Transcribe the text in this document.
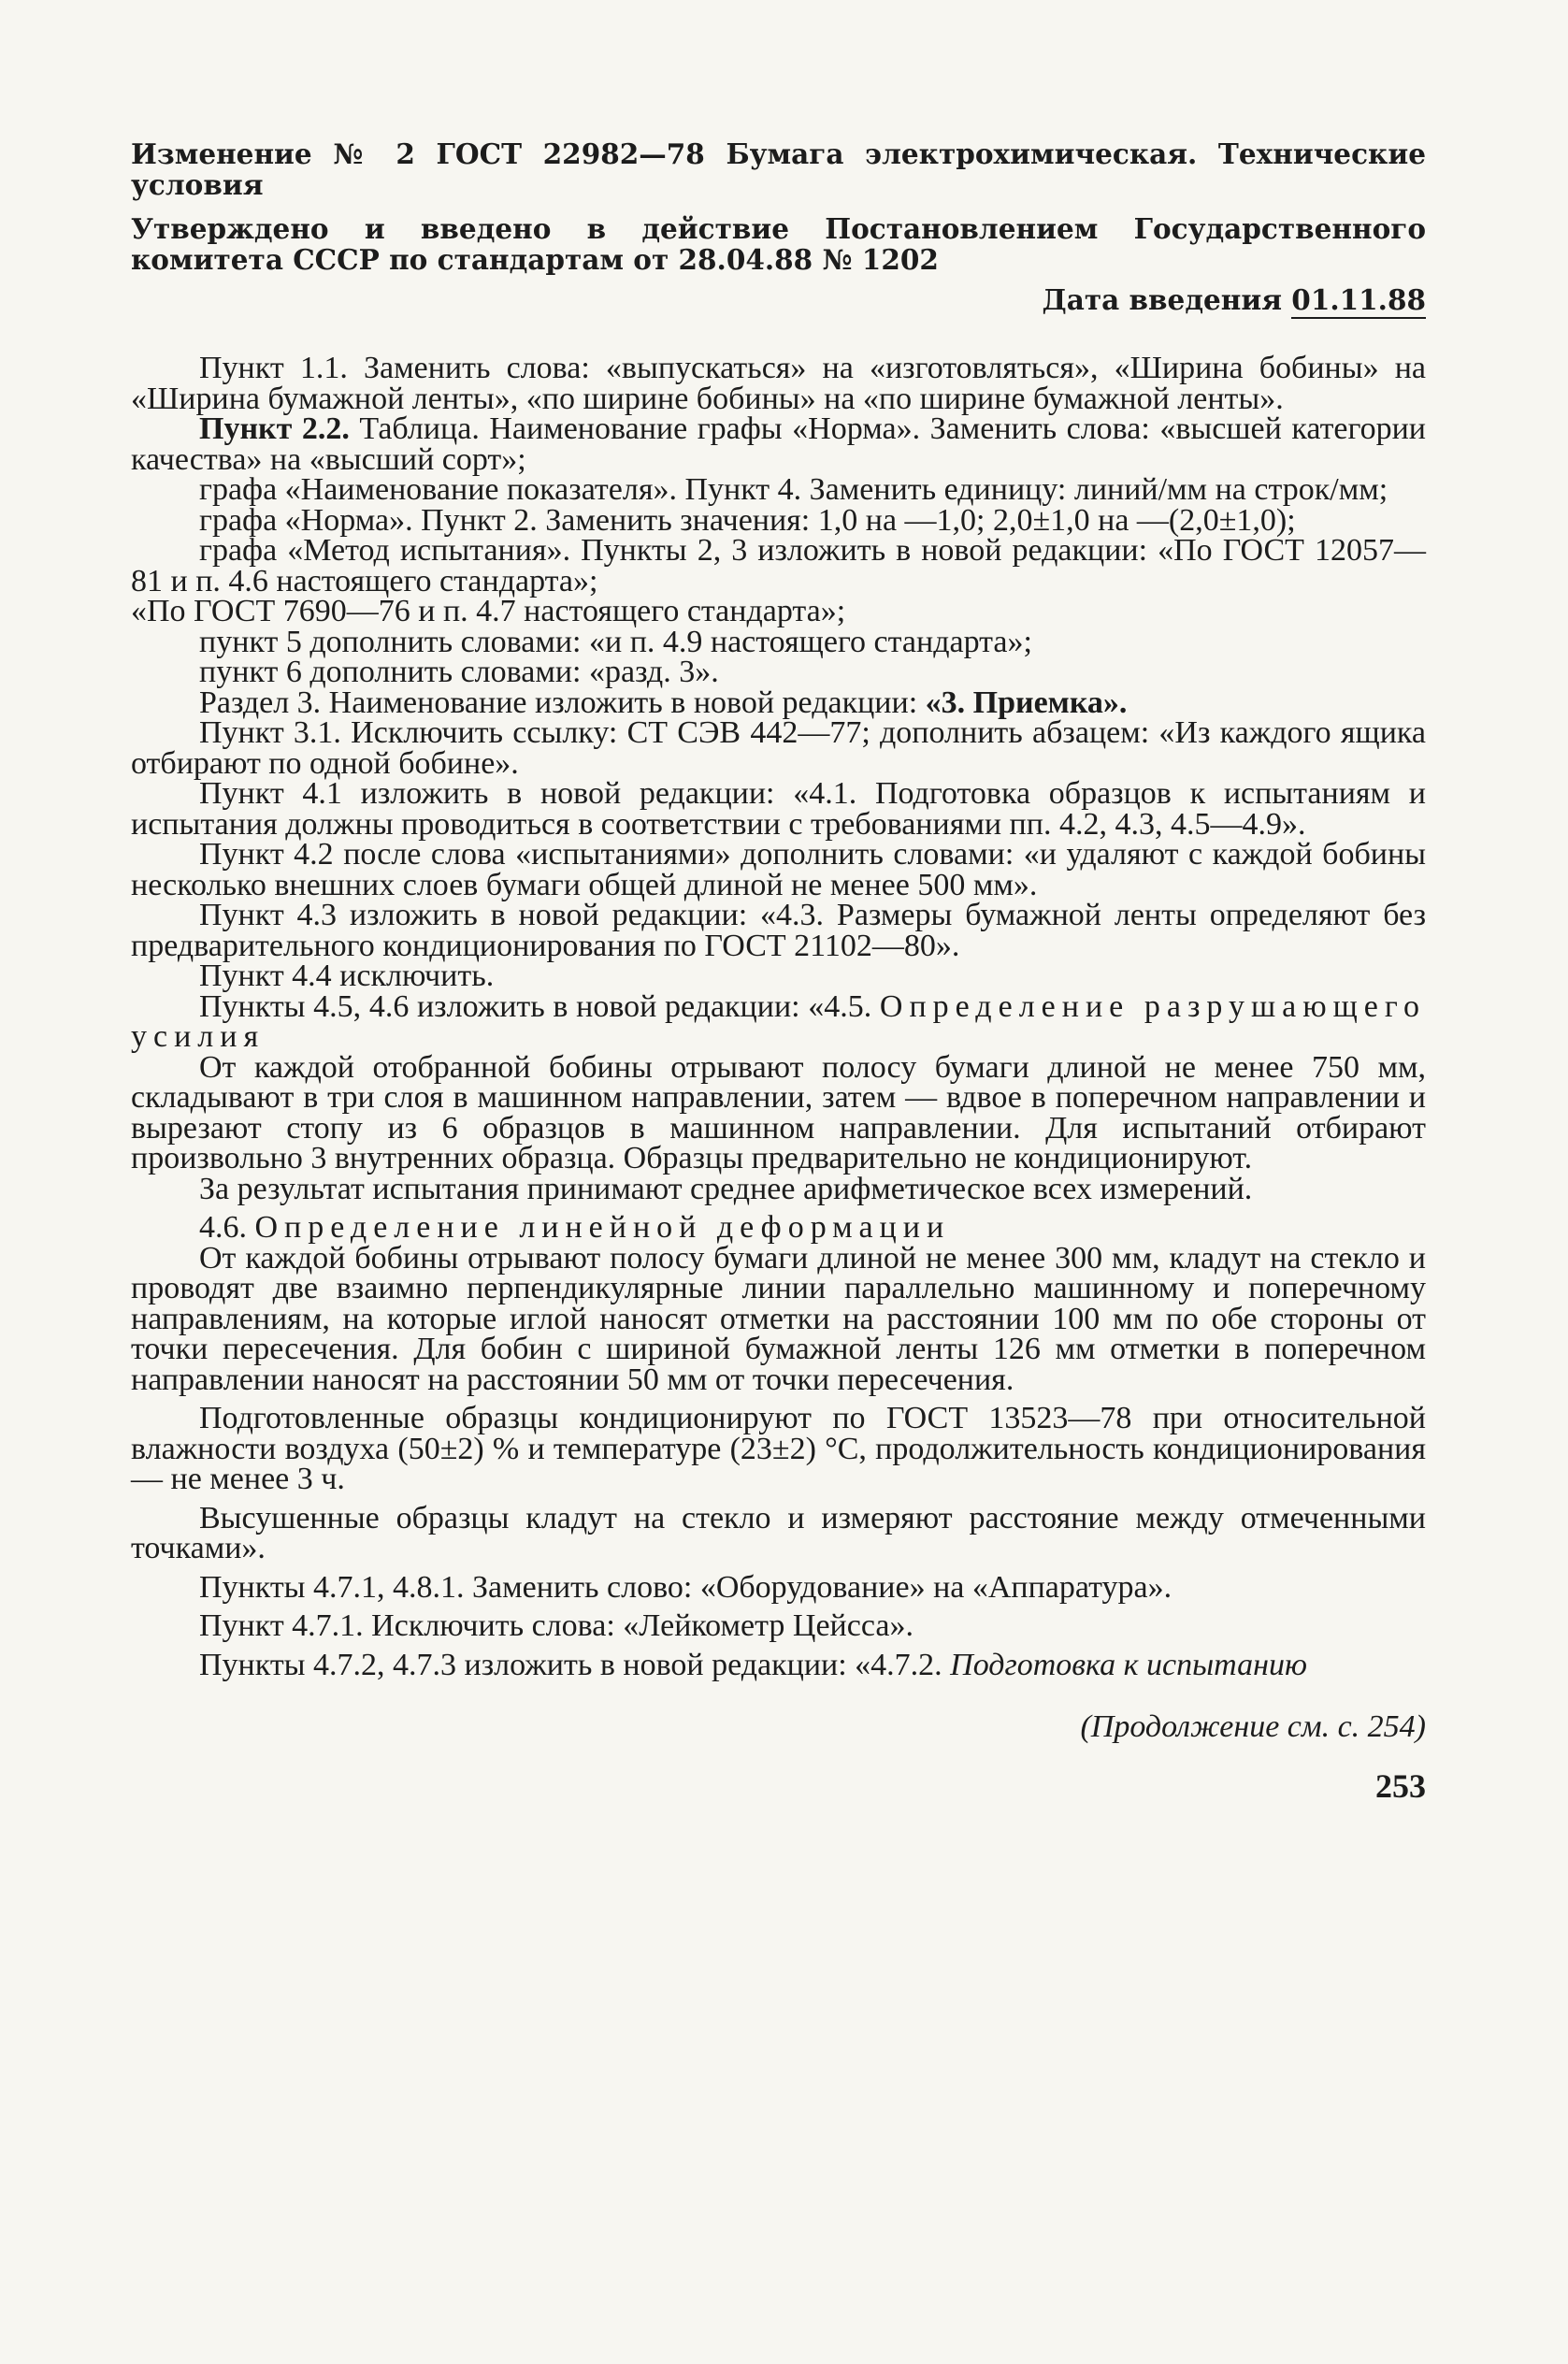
Изменение № 2 ГОСТ 22982—78 Бумага электрохимическая. Технические условия
Утверждено и введено в действие Постановлением Государственного комитета СССР по стандартам от 28.04.88 № 1202
Дата введения 01.11.88

Пункт 1.1. Заменить слова: «выпускаться» на «изготовляться», «Ширина бобины» на «Ширина бумажной ленты», «по ширине бобины» на «по ширине бумажной ленты».

Пункт 2.2. Таблица. Наименование графы «Норма». Заменить слова: «высшей категории качества» на «высший сорт»;

графа «Наименование показателя». Пункт 4. Заменить единицу: линий/мм на строк/мм;

графа «Норма». Пункт 2. Заменить значения: 1,0 на —1,0; 2,0±1,0 на —(2,0±1,0);

графа «Метод испытания». Пункты 2, 3 изложить в новой редакции: «По ГОСТ 12057—81 и п. 4.6 настоящего стандарта»;

«По ГОСТ 7690—76 и п. 4.7 настоящего стандарта»;

пункт 5 дополнить словами: «и п. 4.9 настоящего стандарта»;

пункт 6 дополнить словами: «разд. 3».

Раздел 3. Наименование изложить в новой редакции: «3. Приемка».

Пункт 3.1. Исключить ссылку: СТ СЭВ 442—77; дополнить абзацем: «Из каждого ящика отбирают по одной бобине».

Пункт 4.1 изложить в новой редакции: «4.1. Подготовка образцов к испытаниям и испытания должны проводиться в соответствии с требованиями пп. 4.2, 4.3, 4.5—4.9».

Пункт 4.2 после слова «испытаниями» дополнить словами: «и удаляют с каждой бобины несколько внешних слоев бумаги общей длиной не менее 500 мм».

Пункт 4.3 изложить в новой редакции: «4.3. Размеры бумажной ленты определяют без предварительного кондиционирования по ГОСТ 21102—80».

Пункт 4.4 исключить.

Пункты 4.5, 4.6 изложить в новой редакции: «4.5. Определение разрушающего усилия

От каждой отобранной бобины отрывают полосу бумаги длиной не менее 750 мм, складывают в три слоя в машинном направлении, затем — вдвое в поперечном направлении и вырезают стопу из 6 образцов в машинном направлении. Для испытаний отбирают произвольно 3 внутренних образца. Образцы предварительно не кондиционируют.

За результат испытания принимают среднее арифметическое всех измерений.

4.6. Определение линейной деформации

От каждой бобины отрывают полосу бумаги длиной не менее 300 мм, кладут на стекло и проводят две взаимно перпендикулярные линии параллельно машинному и поперечному направлениям, на которые иглой наносят отметки на расстоянии 100 мм по обе стороны от точки пересечения. Для бобин с шириной бумажной ленты 126 мм отметки в поперечном направлении наносят на расстоянии 50 мм от точки пересечения.

Подготовленные образцы кондиционируют по ГОСТ 13523—78 при относительной влажности воздуха (50±2) % и температуре (23±2) °С, продолжительность кондиционирования — не менее 3 ч.

Высушенные образцы кладут на стекло и измеряют расстояние между отмеченными точками».

Пункты 4.7.1, 4.8.1. Заменить слово: «Оборудование» на «Аппаратура».

Пункт 4.7.1. Исключить слова: «Лейкометр Цейсса».

Пункты 4.7.2, 4.7.3 изложить в новой редакции: «4.7.2. Подготовка к испытанию

(Продолжение см. с. 254)
253
